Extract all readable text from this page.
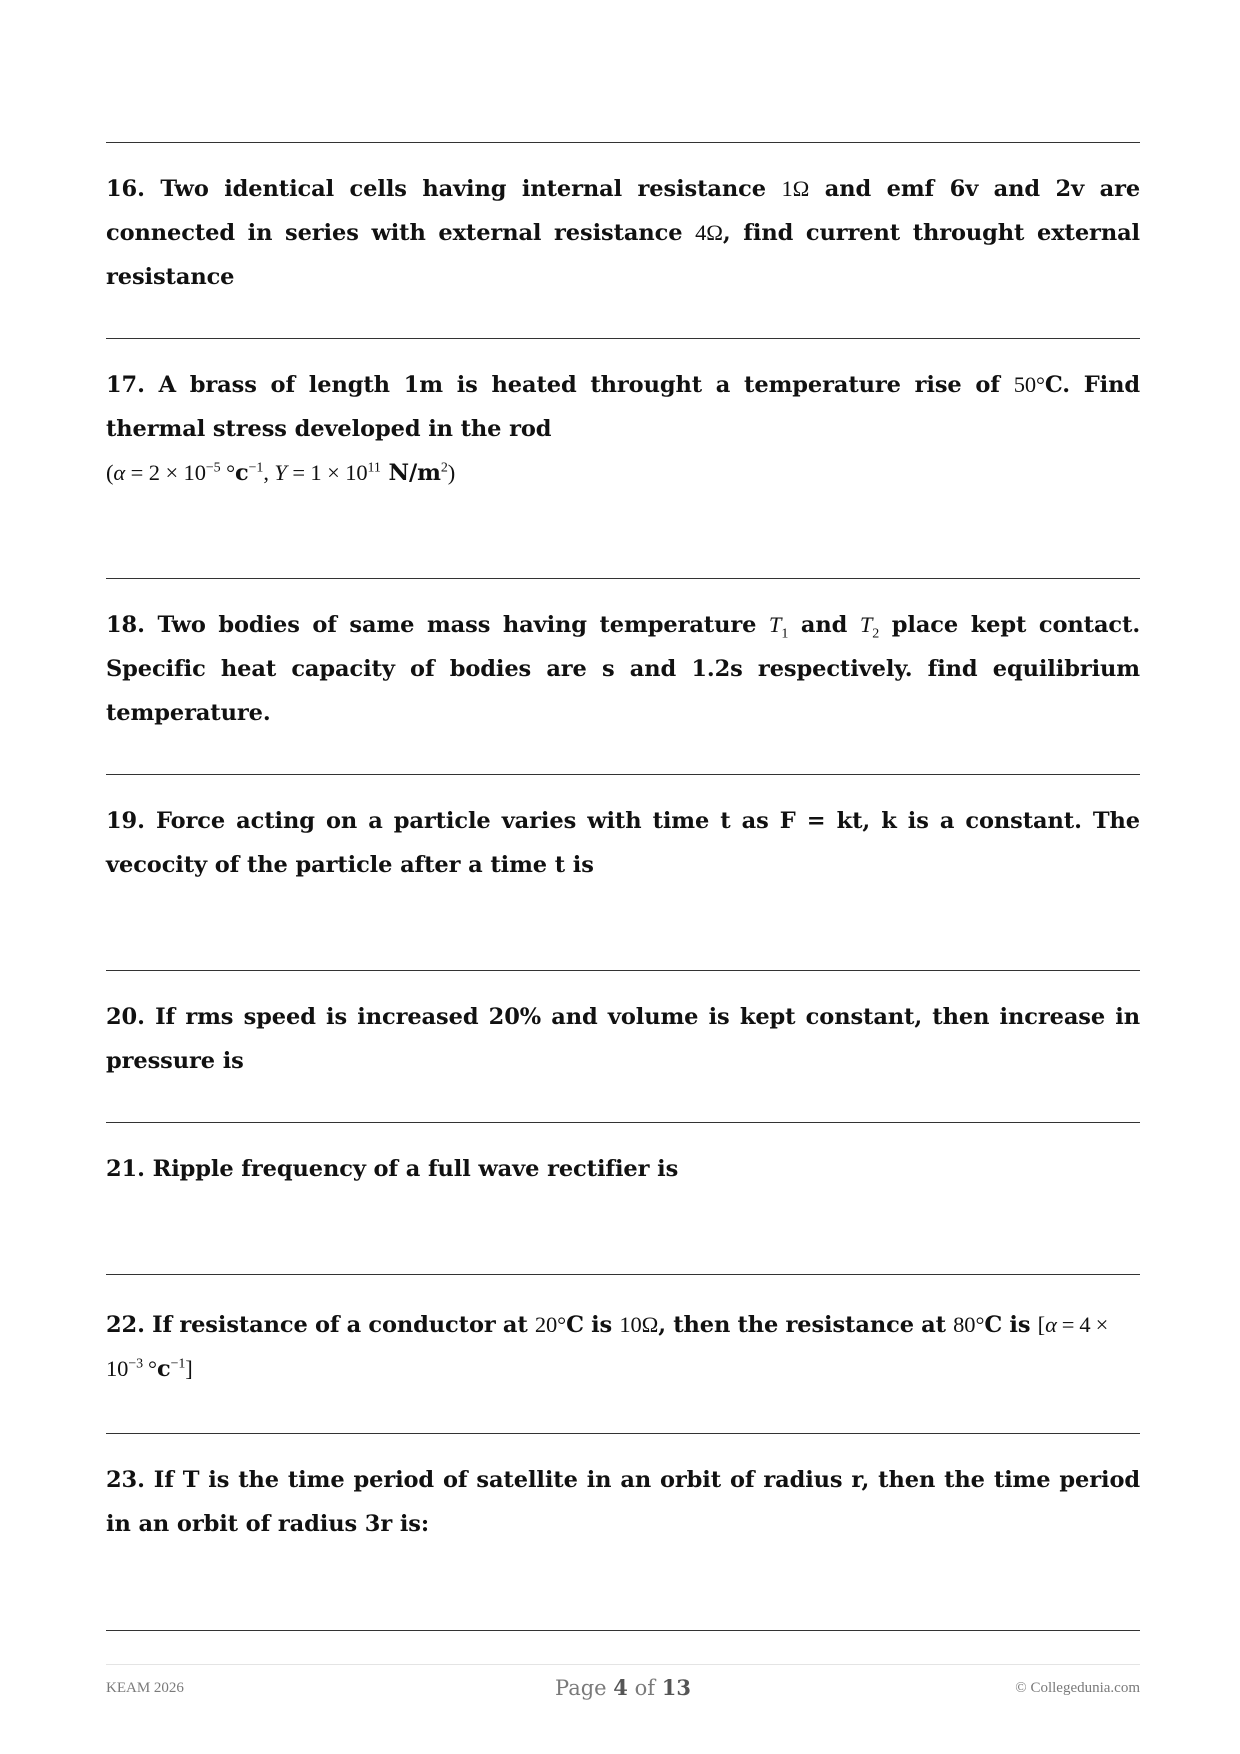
16. Two identical cells having internal resistance 1Ω and emf 6v and 2v are connected in series with external resistance 4Ω, find current throught external resistance
17. A brass of length 1m is heated throught a temperature rise of 50°C. Find thermal stress developed in the rod
($\alpha = 2 \times 10^{-5}$ $^\circ c^{-1}$, $Y = 1 \times 10^{11}$ $N/m^2$)
18. Two bodies of same mass having temperature $T_1$ and $T_2$ place kept contact. Specific heat capacity of bodies are s and 1.2s respectively. find equilibrium temperature.
19. Force acting on a particle varies with time t as F = kt, k is a constant. The vecocity of the particle after a time t is
20. If rms speed is increased 20% and volume is kept constant, then increase in pressure is
21. Ripple frequency of a full wave rectifier is
22. If resistance of a conductor at 20°C is 10Ω, then the resistance at 80°C is [$\alpha = 4 \times 10^{-3}$ $^\circ c^{-1}$]
23. If T is the time period of satellite in an orbit of radius r, then the time period in an orbit of radius 3r is:
KEAM 2026	Page 4 of 13	© Collegedunia.com
